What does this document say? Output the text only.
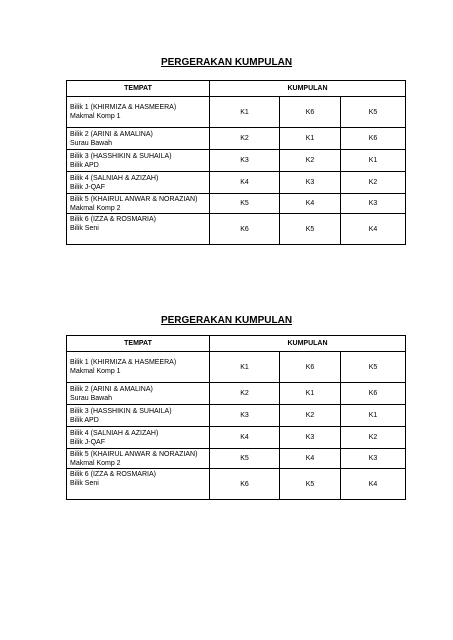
PERGERAKAN KUMPULAN
TEMPAT	KUMPULAN		

Bilik 1 (KHIRMIZA & HASMEERA)
Makmal Komp 1	K1	K6	K5

Bilik 2 (ARINI & AMALINA)
Surau Bawah	K2	K1	K6

Bilik 3 (HASSHIKIN & SUHAILA)
Bilik APD	K3	K2	K1

Bilik 4 (SALNIAH & AZIZAH)
Bilik J-QAF	K4	K3	K2

Bilik 5 (KHAIRUL ANWAR & NORAZIAN)
Makmal Komp 2	K5	K4	K3

Bilik 6 (IZZA & ROSMARIA)
Bilik Seni	K6	K5	K4
PERGERAKAN KUMPULAN
TEMPAT	KUMPULAN		

Bilik 1 (KHIRMIZA & HASMEERA)
Makmal Komp 1	K1	K6	K5

Bilik 2 (ARINI & AMALINA)
Surau Bawah	K2	K1	K6

Bilik 3 (HASSHIKIN & SUHAILA)
Bilik APD	K3	K2	K1

Bilik 4 (SALNIAH & AZIZAH)
Bilik J-QAF	K4	K3	K2

Bilik 5 (KHAIRUL ANWAR & NORAZIAN)
Makmal Komp 2	K5	K4	K3

Bilik 6 (IZZA & ROSMARIA)
Bilik Seni	K6	K5	K4
